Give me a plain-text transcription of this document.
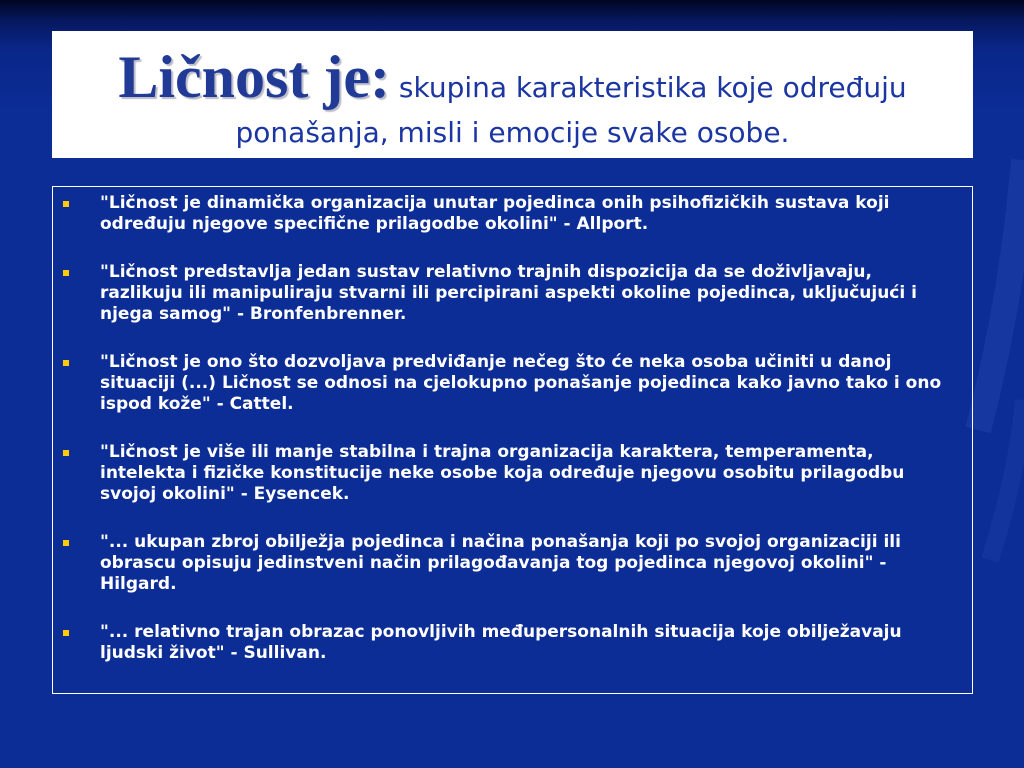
Ličnost je: skupina karakteristika koje određuju ponašanja, misli i emocije svake osobe.

"Ličnost je dinamička organizacija unutar pojedinca onih psihofizičkih sustava koji određuju njegove specifične prilagodbe okolini" - Allport.
"Ličnost predstavlja jedan sustav relativno trajnih dispozicija da se doživljavaju, razlikuju ili manipuliraju stvarni ili percipirani aspekti okoline pojedinca, uključujući i njega samog" - Bronfenbrenner.
"Ličnost je ono što dozvoljava predviđanje nečeg što će neka osoba učiniti u danoj situaciji (...) Ličnost se odnosi na cjelokupno ponašanje pojedinca kako javno tako i ono ispod kože" - Cattel.
"Ličnost je više ili manje stabilna i trajna organizacija karaktera, temperamenta, intelekta i fizičke konstitucije neke osobe koja određuje njegovu osobitu prilagodbu svojoj okolini" - Eysencek.
"... ukupan zbroj obilježja pojedinca i načina ponašanja koji po svojoj organizaciji ili obrascu opisuju jedinstveni način prilagođavanja tog pojedinca njegovoj okolini" - Hilgard.
"... relativno trajan obrazac ponovljivih međupersonalnih situacija koje obilježavaju ljudski život" - Sullivan.
